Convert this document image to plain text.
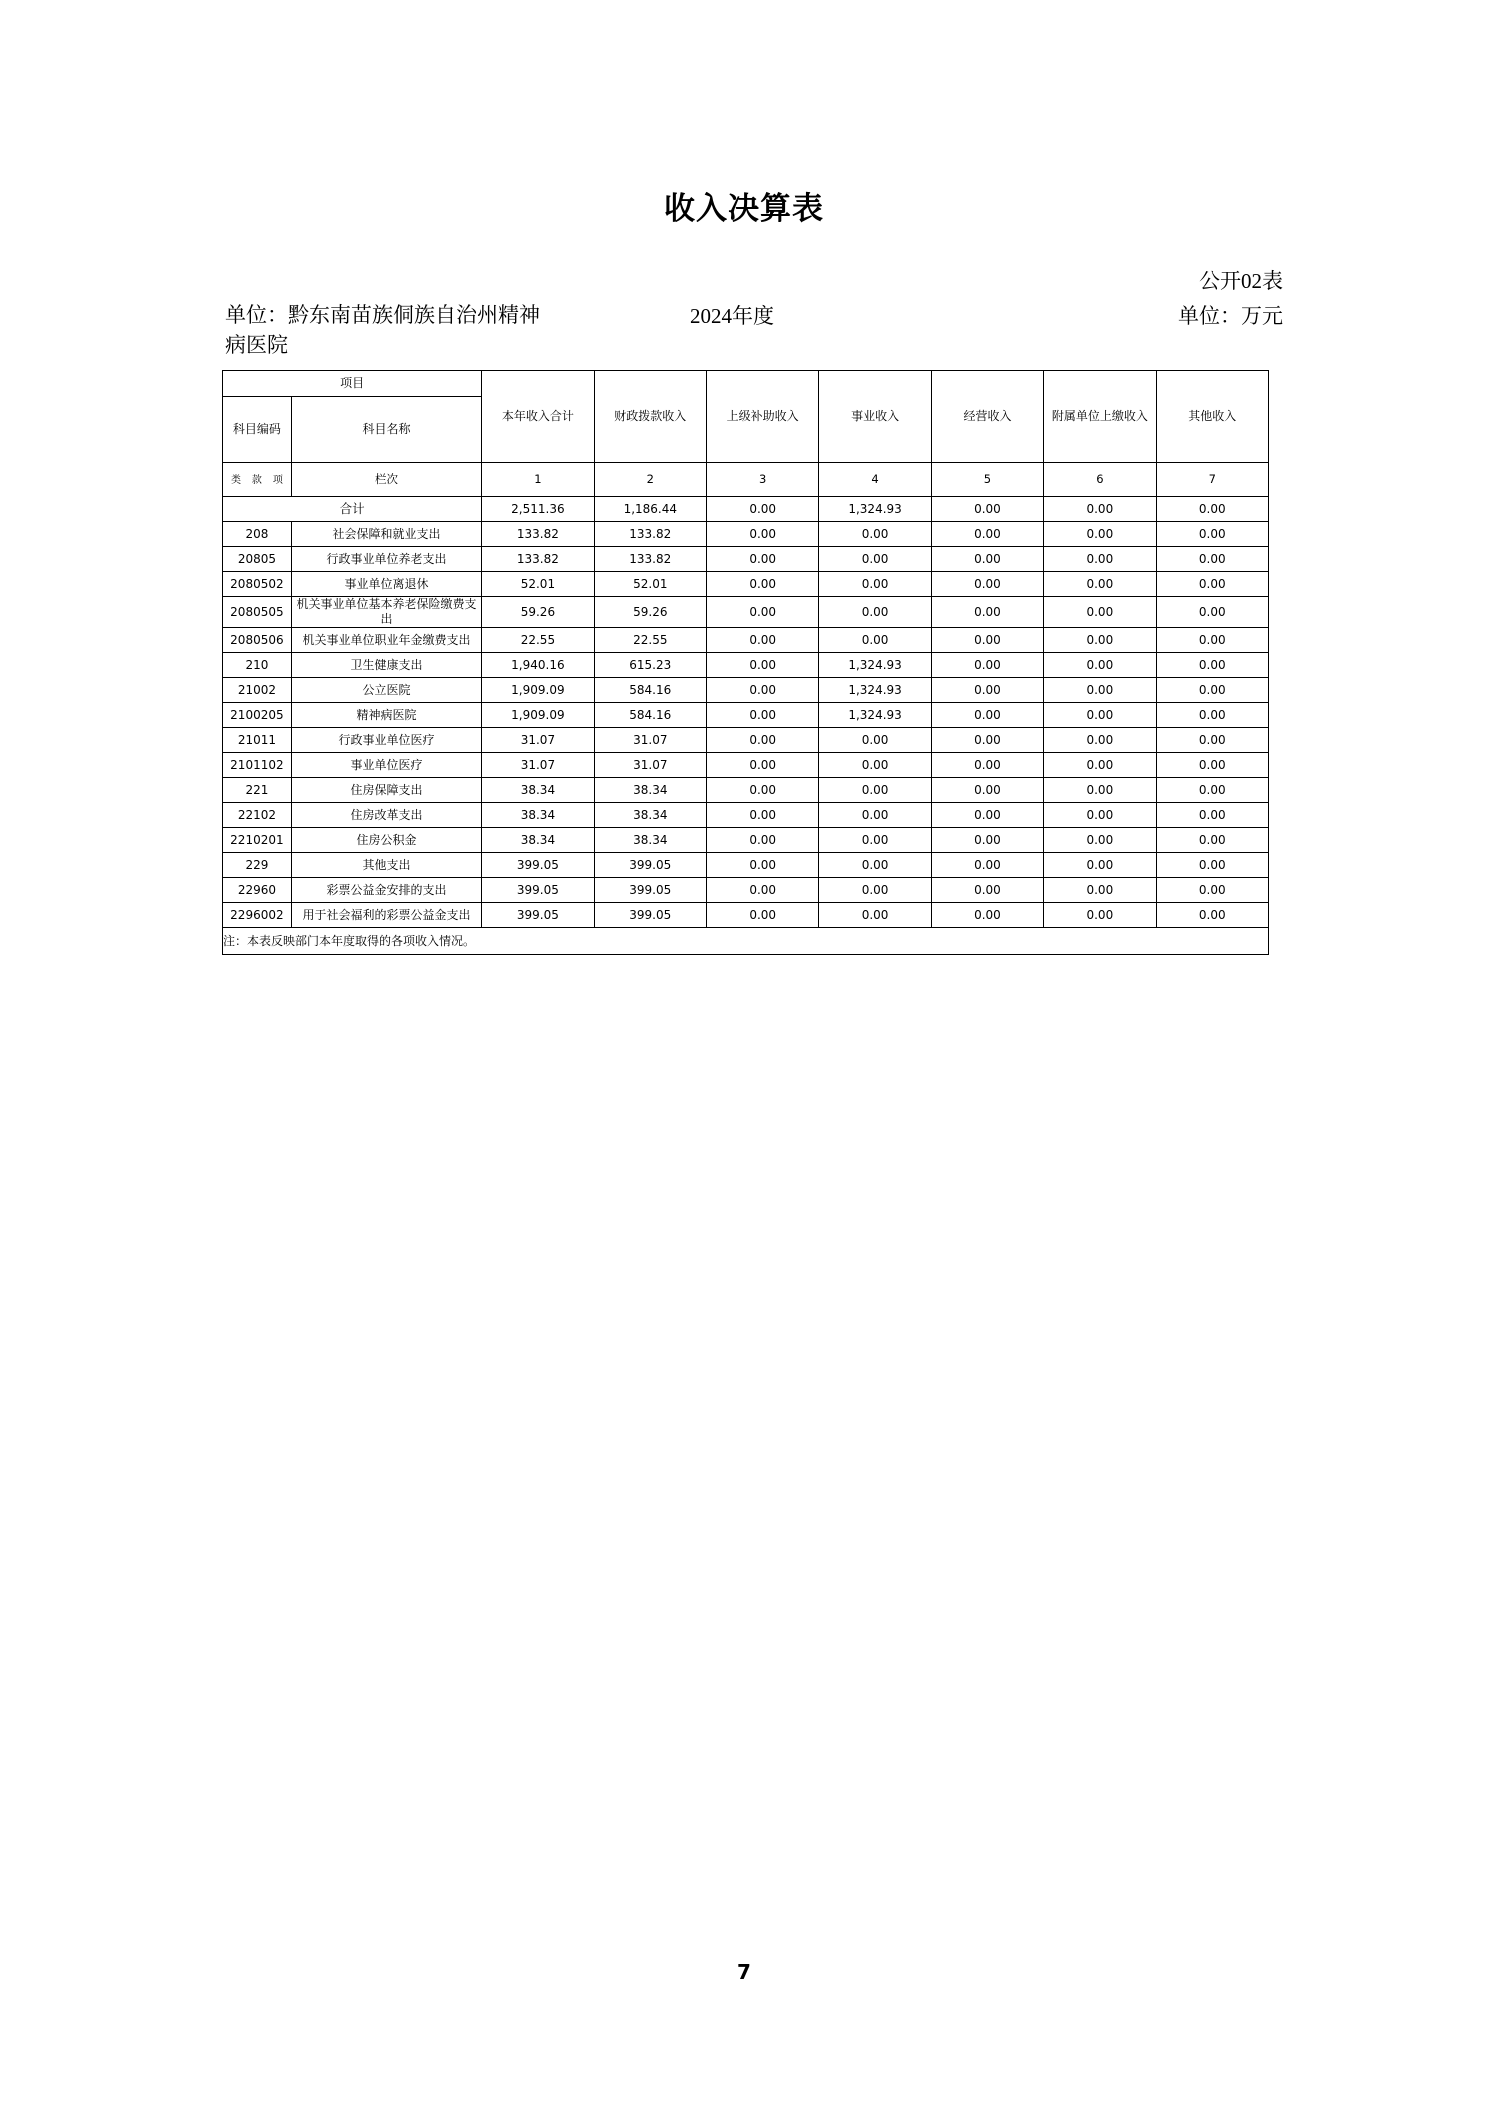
收入决算表
公开02表
单位：黔东南苗族侗族自治州精神病医院
2024年度	单位：万元
项目		本年收入合计	财政拨款收入	上级补助收入	事业收入	经营收入	附属单位上缴收入	其他收入
科目编码	科目名称							
类 款 项	栏次	1	2	3	4	5	6	7
合计		2,511.36	1,186.44	0.00	1,324.93	0.00	0.00	0.00
208	社会保障和就业支出	133.82	133.82	0.00	0.00	0.00	0.00	0.00
20805	行政事业单位养老支出	133.82	133.82	0.00	0.00	0.00	0.00	0.00
2080502	事业单位离退休	52.01	52.01	0.00	0.00	0.00	0.00	0.00
2080505	机关事业单位基本养老保险缴费支出	59.26	59.26	0.00	0.00	0.00	0.00	0.00
2080506	机关事业单位职业年金缴费支出	22.55	22.55	0.00	0.00	0.00	0.00	0.00
210	卫生健康支出	1,940.16	615.23	0.00	1,324.93	0.00	0.00	0.00
21002	公立医院	1,909.09	584.16	0.00	1,324.93	0.00	0.00	0.00
2100205	精神病医院	1,909.09	584.16	0.00	1,324.93	0.00	0.00	0.00
21011	行政事业单位医疗	31.07	31.07	0.00	0.00	0.00	0.00	0.00
2101102	事业单位医疗	31.07	31.07	0.00	0.00	0.00	0.00	0.00
221	住房保障支出	38.34	38.34	0.00	0.00	0.00	0.00	0.00
22102	住房改革支出	38.34	38.34	0.00	0.00	0.00	0.00	0.00
2210201	住房公积金	38.34	38.34	0.00	0.00	0.00	0.00	0.00
229	其他支出	399.05	399.05	0.00	0.00	0.00	0.00	0.00
22960	彩票公益金安排的支出	399.05	399.05	0.00	0.00	0.00	0.00	0.00
2296002	用于社会福利的彩票公益金支出	399.05	399.05	0.00	0.00	0.00	0.00	0.00
注：本表反映部门本年度取得的各项收入情况。								
7
